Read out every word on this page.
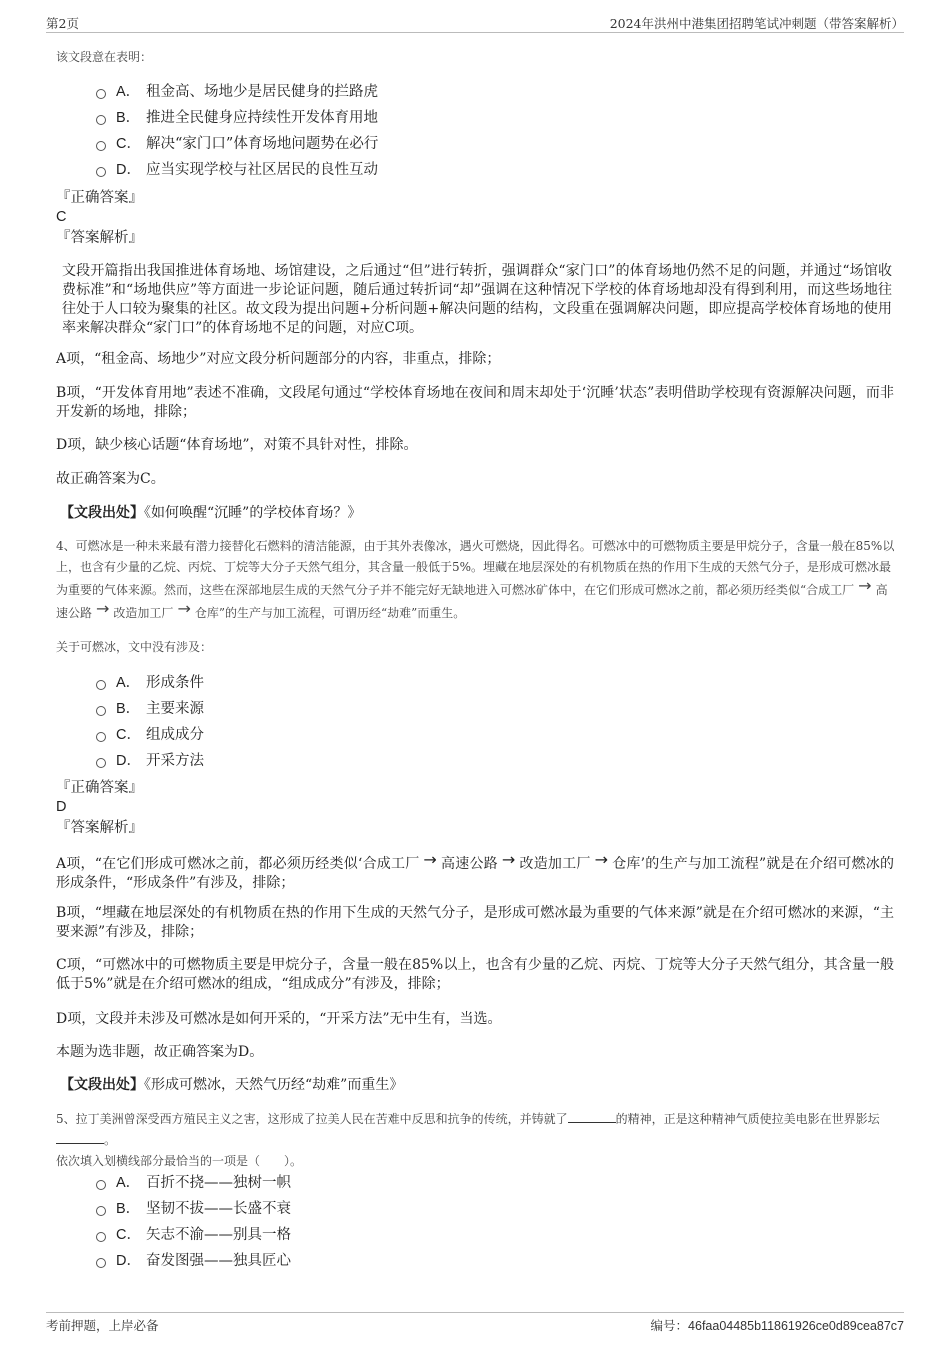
第2页	2024年洪州中港集团招聘笔试冲刺题（带答案解析）
该文段意在表明：
A． 租金高、场地少是居民健身的拦路虎
B． 推进全民健身应持续性开发体育用地
C． 解决“家门口”体育场地问题势在必行
D． 应当实现学校与社区居民的良性互动
『正确答案』
C
『答案解析』
文段开篇指出我国推进体育场地、场馆建设，之后通过“但”进行转折，强调群众“家门口”的体育场地仍然不足的问题，并通过“场馆收费标准”和“场地供应”等方面进一步论证问题，随后通过转折词“却”强调在这种情况下学校的体育场地却没有得到利用，而这些场地往往处于人口较为聚集的社区。故文段为提出问题+分析问题+解决问题的结构，文段重在强调解决问题，即应提高学校体育场地的使用率来解决群众“家门口”的体育场地不足的问题，对应C项。
A项，“租金高、场地少”对应文段分析问题部分的内容，非重点，排除；
B项，“开发体育用地”表述不准确，文段尾句通过“学校体育场地在夜间和周末却处于‘沉睡’状态”表明借助学校现有资源解决问题，而非开发新的场地，排除；
D项，缺少核心话题“体育场地”，对策不具针对性，排除。
故正确答案为C。
【文段出处】《如何唤醒“沉睡”的学校体育场？》
4、可燃冰是一种未来最有潜力接替化石燃料的清洁能源，由于其外表像冰，遇火可燃烧，因此得名。可燃冰中的可燃物质主要是甲烷分子，含量一般在85%以上，也含有少量的乙烷、丙烷、丁烷等大分子天然气组分，其含量一般低于5%。埋藏在地层深处的有机物质在热的作用下生成的天然气分子，是形成可燃冰最为重要的气体来源。然而，这些在深部地层生成的天然气分子并不能完好无缺地进入可燃冰矿体中，在它们形成可燃冰之前，都必须历经类似“合成工厂 → 高速公路 → 改造加工厂 → 仓库”的生产与加工流程，可谓历经“劫难”而重生。
关于可燃冰，文中没有涉及：
A． 形成条件
B． 主要来源
C． 组成成分
D． 开采方法
『正确答案』
D
『答案解析』
A项，“在它们形成可燃冰之前，都必须历经类似‘合成工厂 → 高速公路 → 改造加工厂 → 仓库’的生产与加工流程”就是在介绍可燃冰的形成条件，“形成条件”有涉及，排除；
B项，“埋藏在地层深处的有机物质在热的作用下生成的天然气分子，是形成可燃冰最为重要的气体来源”就是在介绍可燃冰的来源，“主要来源”有涉及，排除；
C项，“可燃冰中的可燃物质主要是甲烷分子，含量一般在85%以上，也含有少量的乙烷、丙烷、丁烷等大分子天然气组分，其含量一般低于5%”就是在介绍可燃冰的组成，“组成成分”有涉及，排除；
D项，文段并未涉及可燃冰是如何开采的，“开采方法”无中生有，当选。
本题为选非题，故正确答案为D。
【文段出处】《形成可燃冰，天然气历经“劫难”而重生》
5、拉丁美洲曾深受西方殖民主义之害，这形成了拉美人民在苦难中反思和抗争的传统，并铸就了	的精神，正是这种精神气质使拉美电影在世界影坛。
依次填入划横线部分最恰当的一项是（　　）。
A． 百折不挠——独树一帜
B． 坚韧不拔——长盛不衰
C． 矢志不渝——别具一格
D． 奋发图强——独具匠心
考前押题，上岸必备	编号：46faa04485b11861926ce0d89cea87c7
